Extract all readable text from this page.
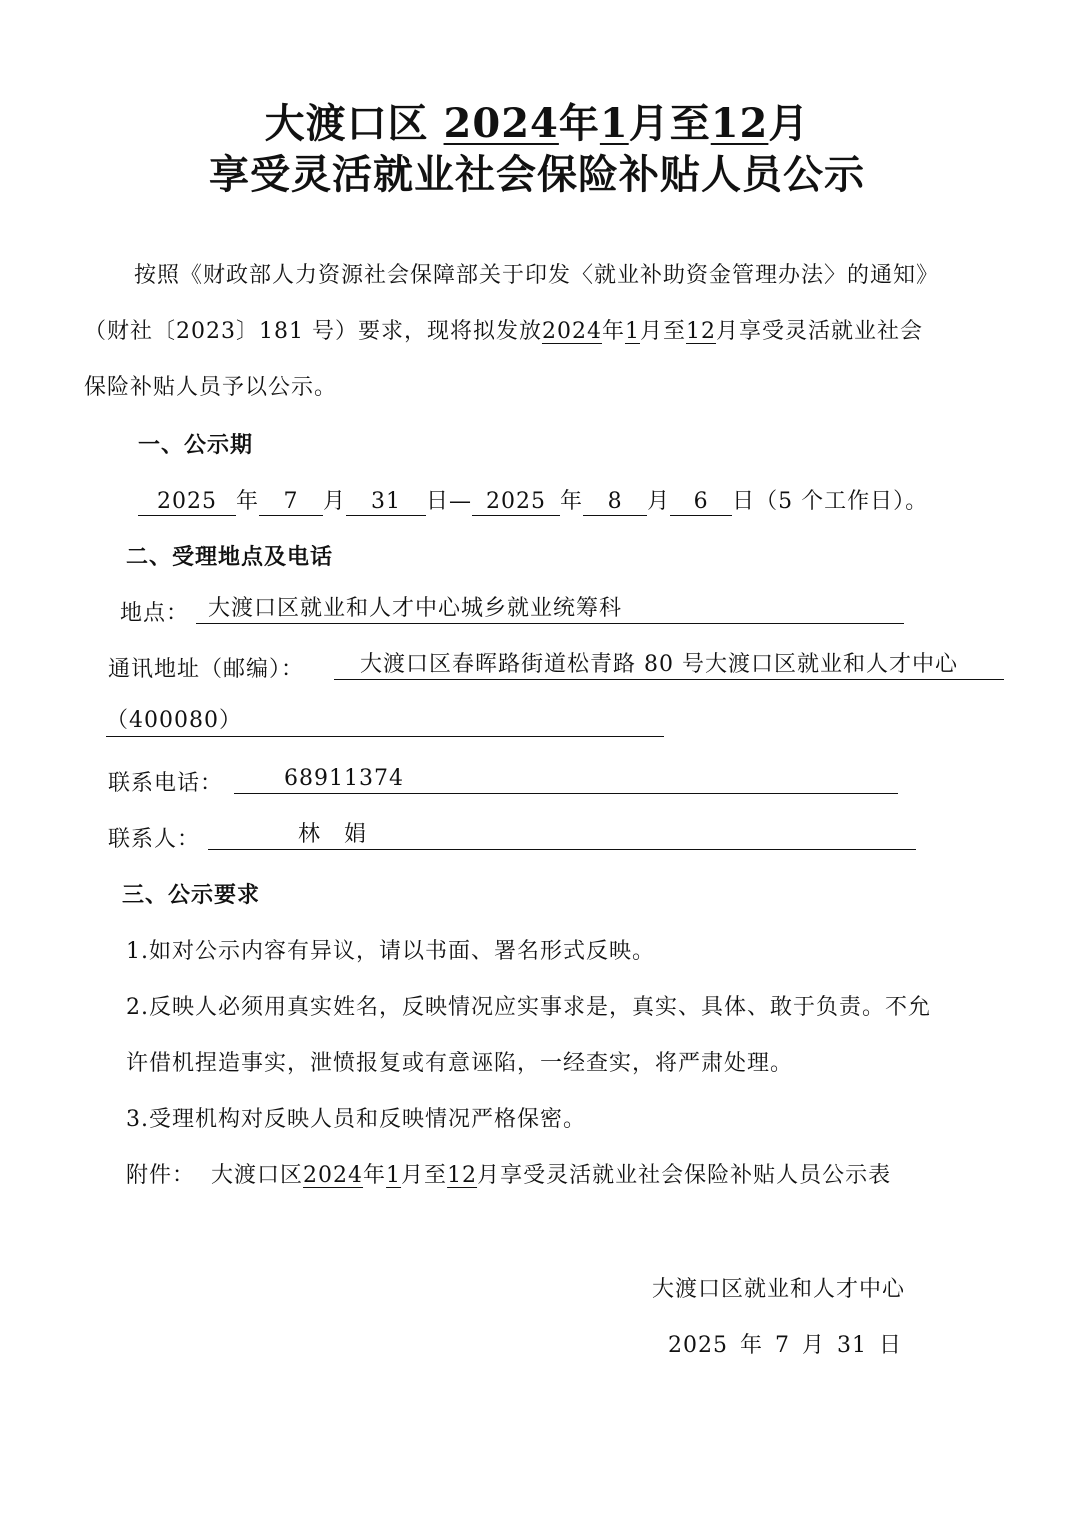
大渡口区 2024年1月至12月
享受灵活就业社会保险补贴人员公示
按照《财政部人力资源社会保障部关于印发〈就业补助资金管理办法〉的通知》
（财社〔2023〕181 号）要求，现将拟发放2024年1月至12月享受灵活就业社会
保险补贴人员予以公示。
一、公示期
2025 年 7 月 31 日— 2025 年 8 月 6 日（5 个工作日）。
二、受理地点及电话
地点： 大渡口区就业和人才中心城乡就业统筹科
通讯地址（邮编）：	大渡口区春晖路街道松青路 80 号大渡口区就业和人才中心
（400080）
联系电话：	68911374
联系人：	林　娟
三、公示要求
1.如对公示内容有异议，请以书面、署名形式反映。
2.反映人必须用真实姓名，反映情况应实事求是，真实、具体、敢于负责。不允
许借机捏造事实，泄愤报复或有意诬陷，一经查实，将严肃处理。
3.受理机构对反映人员和反映情况严格保密。
附件： 大渡口区2024年1月至12月享受灵活就业社会保险补贴人员公示表
大渡口区就业和人才中心
2025 年 7 月 31 日
